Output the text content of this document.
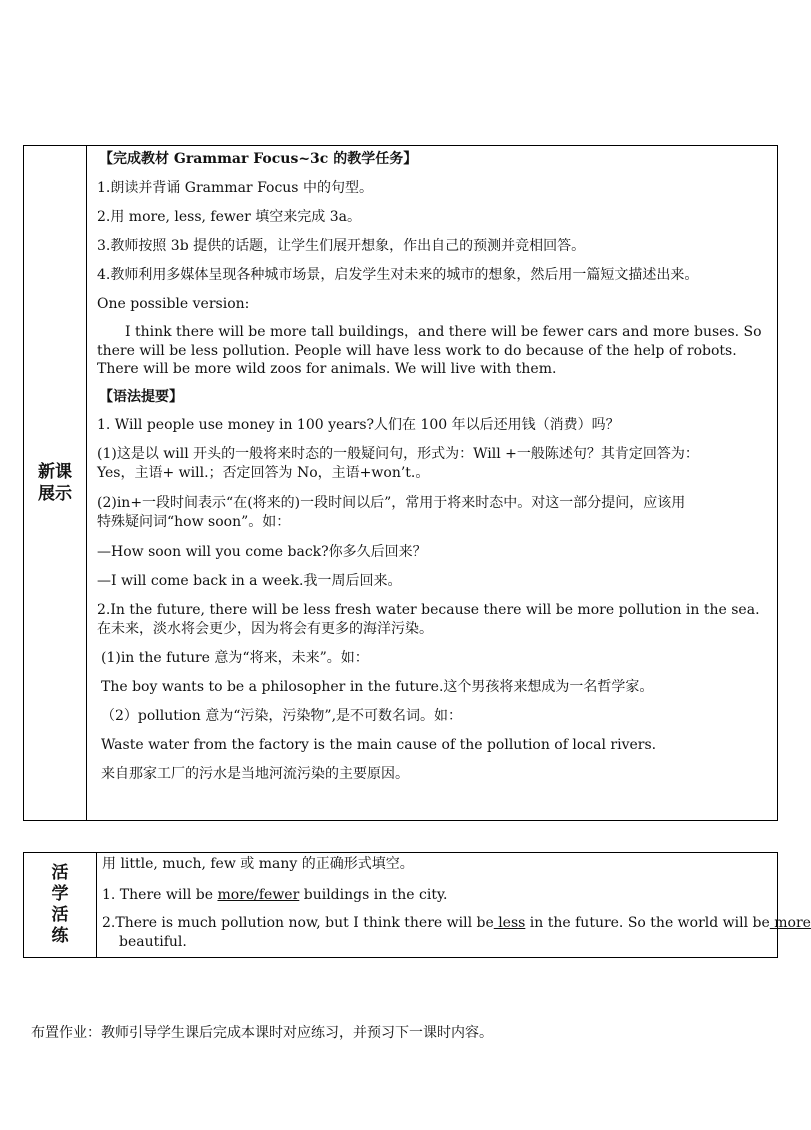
新课展示
【完成教材 Grammar Focus~3c 的教学任务】
1.朗读并背诵 Grammar Focus 中的句型。
2.用 more, less, fewer 填空来完成 3a。
3.教师按照 3b 提供的话题，让学生们展开想象，作出自己的预测并竞相回答。
4.教师利用多媒体呈现各种城市场景，启发学生对未来的城市的想象，然后用一篇短文描述出来。
One possible version:
I think there will be more tall buildings，and there will be fewer cars and more buses. So
there will be less pollution. People will have less work to do because of the help of robots.
There will be more wild zoos for animals. We will live with them.
【语法提要】
1. Will people use money in 100 years?人们在 100 年以后还用钱（消费）吗？
(1)这是以 will 开头的一般将来时态的一般疑问句，形式为：Will +一般陈述句？其肯定回答为：
Yes，主语+ will.；否定回答为 No，主语+won’t.。
(2)in+一段时间表示“在(将来的)一段时间以后”，常用于将来时态中。对这一部分提问，应该用
特殊疑问词“how soon”。如：
—How soon will you come back?你多久后回来？
—I will come back in a week.我一周后回来。
2.In the future, there will be less fresh water because there will be more pollution in the sea.
在未来，淡水将会更少，因为将会有更多的海洋污染。
(1)in the future 意为“将来，未来”。如：
The boy wants to be a philosopher in the future.这个男孩将来想成为一名哲学家。
（2）pollution 意为“污染，污染物”,是不可数名词。如：
Waste water from the factory is the main cause of the pollution of local rivers.
来自那家工厂的污水是当地河流污染的主要原因。
活学活练
用 little, much, few 或 many 的正确形式填空。
1. There will be more/fewer buildings in the city.
2.There is much pollution now, but I think there will be less in the future. So the world will be more
beautiful.
布置作业：教师引导学生课后完成本课时对应练习，并预习下一课时内容。
